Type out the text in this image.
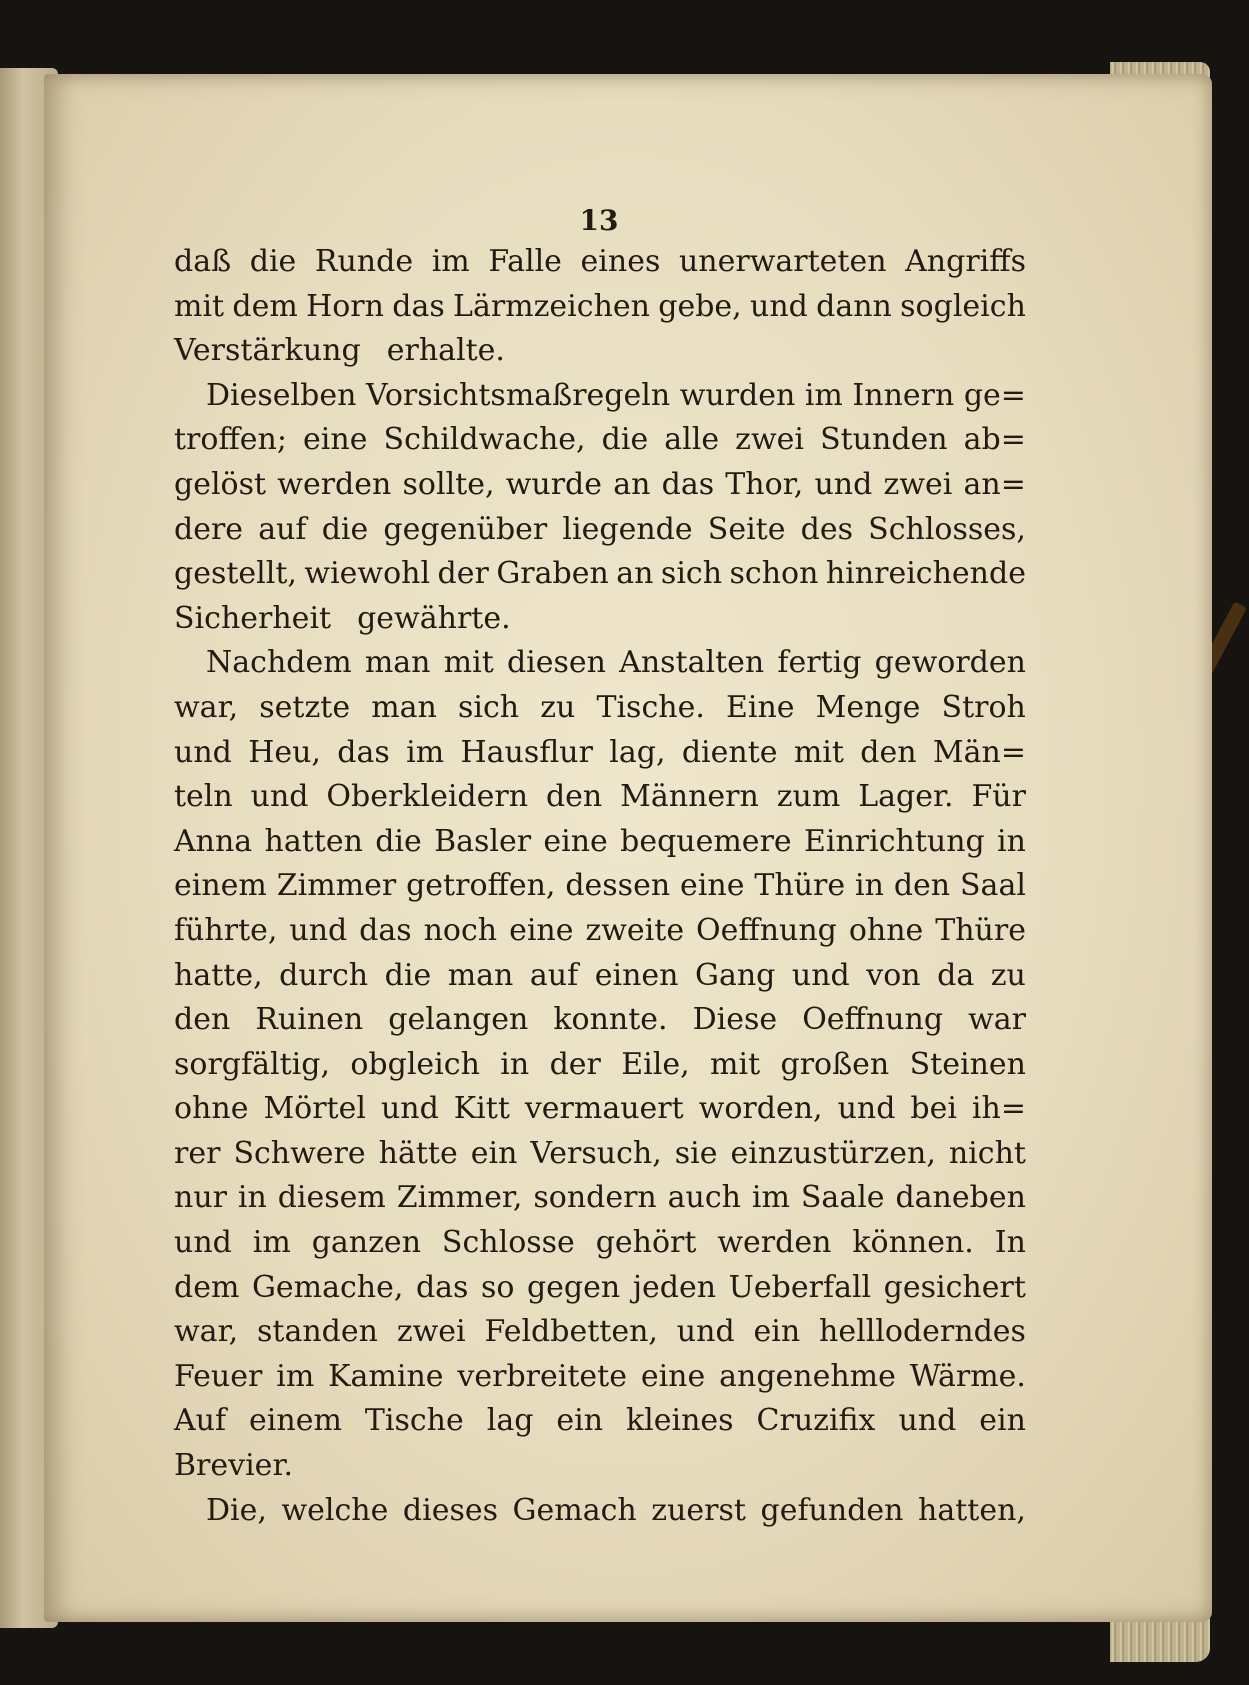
13
daß die Runde im Falle eines unerwarteten Angriffs
mit dem Horn das Lärmzeichen gebe, und dann sogleich
Verstärkung erhalte.
Dieselben Vorsichtsmaßregeln wurden im Innern ge=
troffen; eine Schildwache, die alle zwei Stunden ab=
gelöst werden sollte, wurde an das Thor, und zwei an=
dere auf die gegenüber liegende Seite des Schlosses,
gestellt, wiewohl der Graben an sich schon hinreichende
Sicherheit gewährte.
Nachdem man mit diesen Anstalten fertig geworden
war, setzte man sich zu Tische. Eine Menge Stroh
und Heu, das im Hausflur lag, diente mit den Män=
teln und Oberkleidern den Männern zum Lager. Für
Anna hatten die Basler eine bequemere Einrichtung in
einem Zimmer getroffen, dessen eine Thüre in den Saal
führte, und das noch eine zweite Oeffnung ohne Thüre
hatte, durch die man auf einen Gang und von da zu
den Ruinen gelangen konnte. Diese Oeffnung war
sorgfältig, obgleich in der Eile, mit großen Steinen
ohne Mörtel und Kitt vermauert worden, und bei ih=
rer Schwere hätte ein Versuch, sie einzustürzen, nicht
nur in diesem Zimmer, sondern auch im Saale daneben
und im ganzen Schlosse gehört werden können. In
dem Gemache, das so gegen jeden Ueberfall gesichert
war, standen zwei Feldbetten, und ein hellloderndes
Feuer im Kamine verbreitete eine angenehme Wärme.
Auf einem Tische lag ein kleines Cruzifix und ein
Brevier.
Die, welche dieses Gemach zuerst gefunden hatten,
